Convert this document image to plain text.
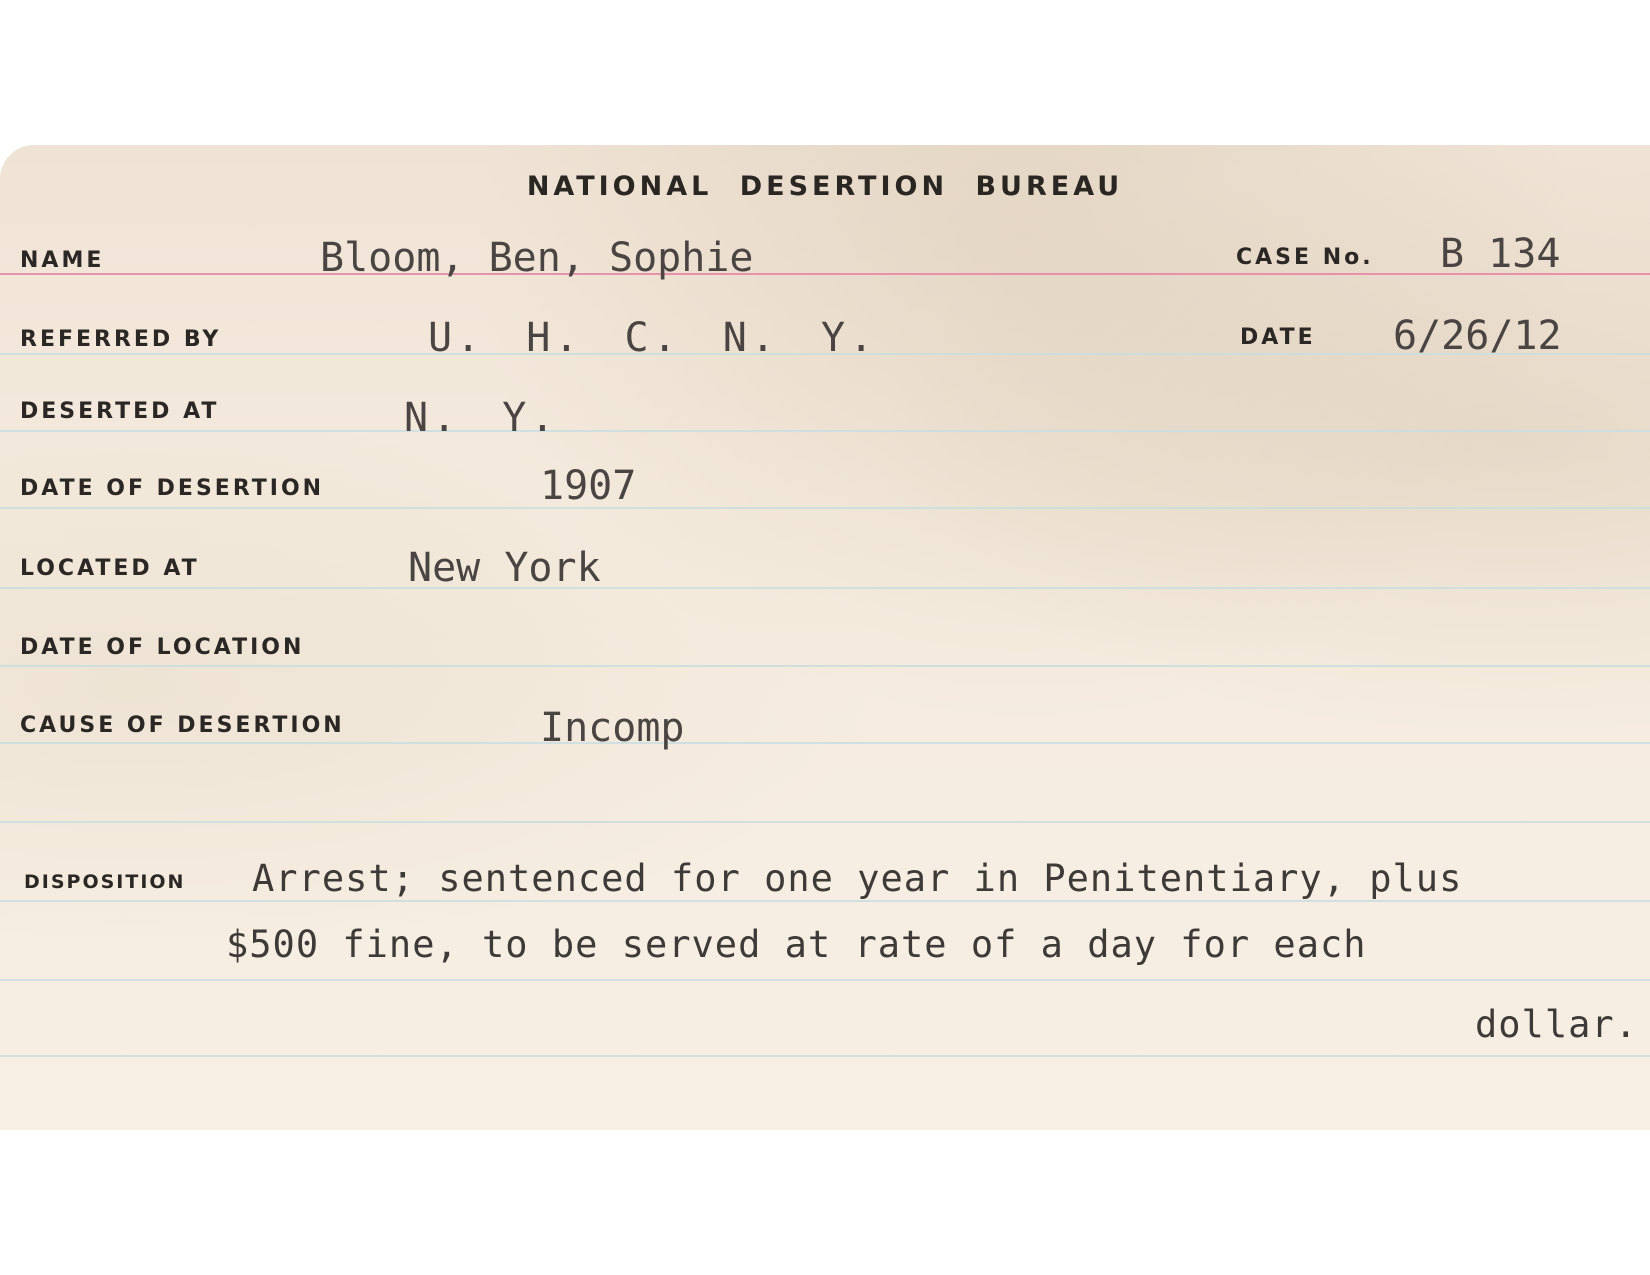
NATIONAL DESERTION BUREAU
NAME	Bloom, Ben, Sophie	CASE No. B 134
REFERRED BY	U. H. C. N. Y.	DATE 6/26/12
DESERTED AT	N. Y.
DATE OF DESERTION	1907
LOCATED AT	New York
DATE OF LOCATION
CAUSE OF DESERTION	Incomp
DISPOSITION Arrest; sentenced for one year in Penitentiary, plus
$500 fine, to be served at rate of a day for each
dollar.
